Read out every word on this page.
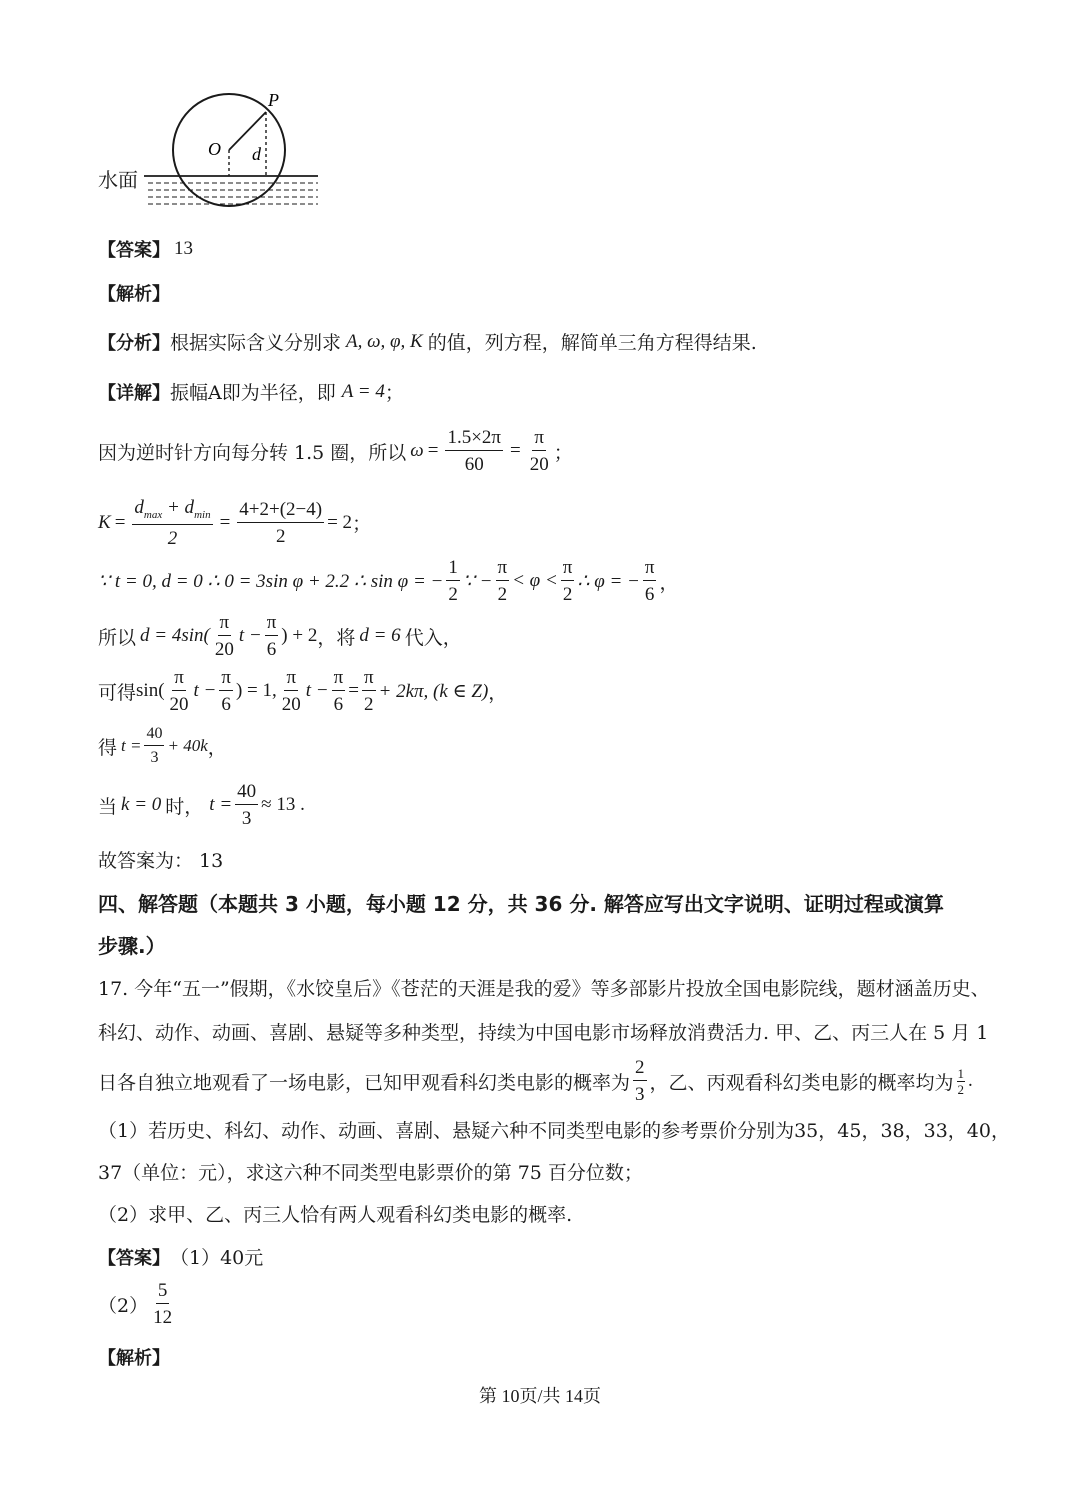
P
O d
水面
【答案】 13
【解析】
【分析】 根据实际含义分别求 A, ω, φ, K 的值，列方程，解简单三角方程得结果.
【详解】 振幅A即为半径，即 A = 4 ；
因为逆时针方向每分转 1.5 圈，所以 $\omega = \frac{1.5\times 2\pi}{60} = \frac{\pi}{20}$ ；
$K = \frac{d_{max} + d_{min}}{2} = \frac{4+2+(2-4)}{2} = 2$ ；
∵ t = 0, d = 0 ∴ 0 = 3sin φ + 2.2 ∴ sin φ = − $\frac{1}{2}$ ∵ − $\frac{\pi}{2} < \varphi < \frac{\pi}{2}$ ∴ φ = − $\frac{\pi}{6}$ ，
所以 $d = 4\sin( \frac{\pi}{20}$ $t - \frac{\pi}{6}$ ) + 2 ，将 d = 6 代入，
可得 $\sin( \frac{\pi}{20}$ $t - \frac{\pi}{6}$ ) = 1, $\frac{\pi}{20}$ $t - \frac{\pi}{6} = \frac{\pi}{2} + 2k\pi$, (k ∈ Z) ，
得 $t = \frac{40}{3} + 40k$ ，
当 k = 0 时， $t = \frac{40}{3} \approx 13$ .
故答案为： 13
四、解答题（本题共 3 小题，每小题 12 分，共 36 分. 解答应写出文字说明、证明过程或演算
步骤.）
17. 今年“五一”假期，《水饺皇后》《苍茫的天涯是我的爱》等多部影片投放全国电影院线，题材涵盖历史、
科幻、动作、动画、喜剧、悬疑等多种类型，持续为中国电影市场释放消费活力. 甲、乙、丙三人在 5 月 1
日各自独立地观看了一场电影，已知甲观看科幻类电影的概率为 $\frac{2}{3}$ ，乙、丙观看科幻类电影的概率均为 $\frac{1}{2}$ .
（1）若历史、科幻、动作、动画、喜剧、悬疑六种不同类型电影的参考票价分别为35，45，38，33，40，
37（单位：元），求这六种不同类型电影票价的第 75 百分位数；
（2）求甲、乙、丙三人恰有两人观看科幻类电影的概率.
【答案】 （1）40元
$(2) \frac{5}{12}$
【解析】
第 10页/共 14页
